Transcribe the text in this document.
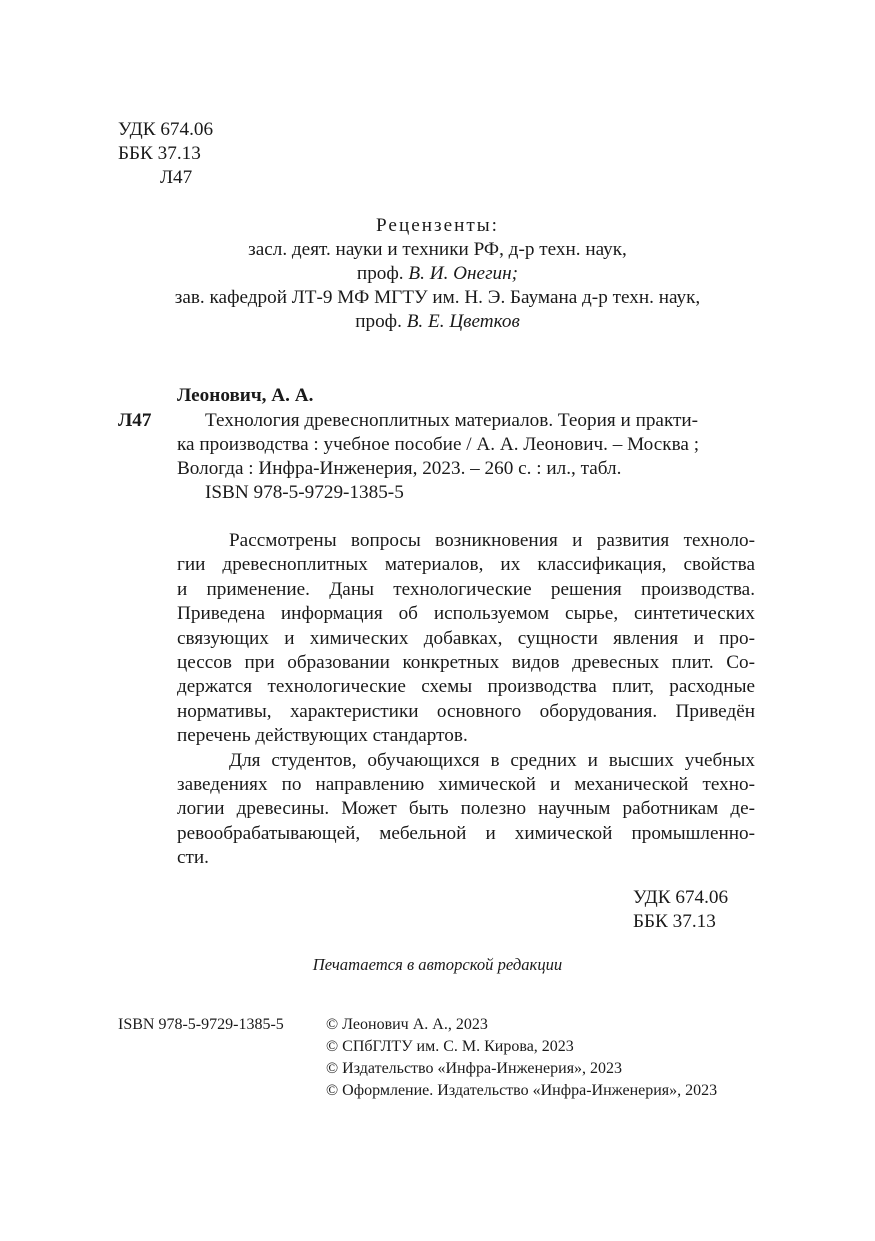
УДК 674.06
ББК 37.13
Л47
Рецензенты:
засл. деят. науки и техники РФ, д-р техн. наук,
проф. В. И. Онегин;
зав. кафедрой ЛТ-9 МФ МГТУ им. Н. Э. Баумана д-р техн. наук,
проф. В. Е. Цветков
Леонович, А. А.
Л47	Технология древесноплитных материалов. Теория и практи-
ка производства : учебное пособие / А. А. Леонович. – Москва ;
Вологда : Инфра-Инженерия, 2023. – 260 с. : ил., табл.
ISBN 978-5-9729-1385-5
Рассмотрены вопросы возникновения и развития техноло-
гии древесноплитных материалов, их классификация, свойства
и применение. Даны технологические решения производства.
Приведена информация об используемом сырье, синтетических
связующих и химических добавках, сущности явления и про-
цессов при образовании конкретных видов древесных плит. Со-
держатся технологические схемы производства плит, расходные
нормативы, характеристики основного оборудования. Приведён
перечень действующих стандартов.
Для студентов, обучающихся в средних и высших учебных
заведениях по направлению химической и механической техно-
логии древесины. Может быть полезно научным работникам де-
ревообрабатывающей, мебельной и химической промышленно-
сти.
УДК 674.06
ББК 37.13
Печатается в авторской редакции
ISBN 978-5-9729-1385-5	© Леонович А. А., 2023
© СПбГЛТУ им. С. М. Кирова, 2023
© Издательство «Инфра-Инженерия», 2023
© Оформление. Издательство «Инфра-Инженерия», 2023
